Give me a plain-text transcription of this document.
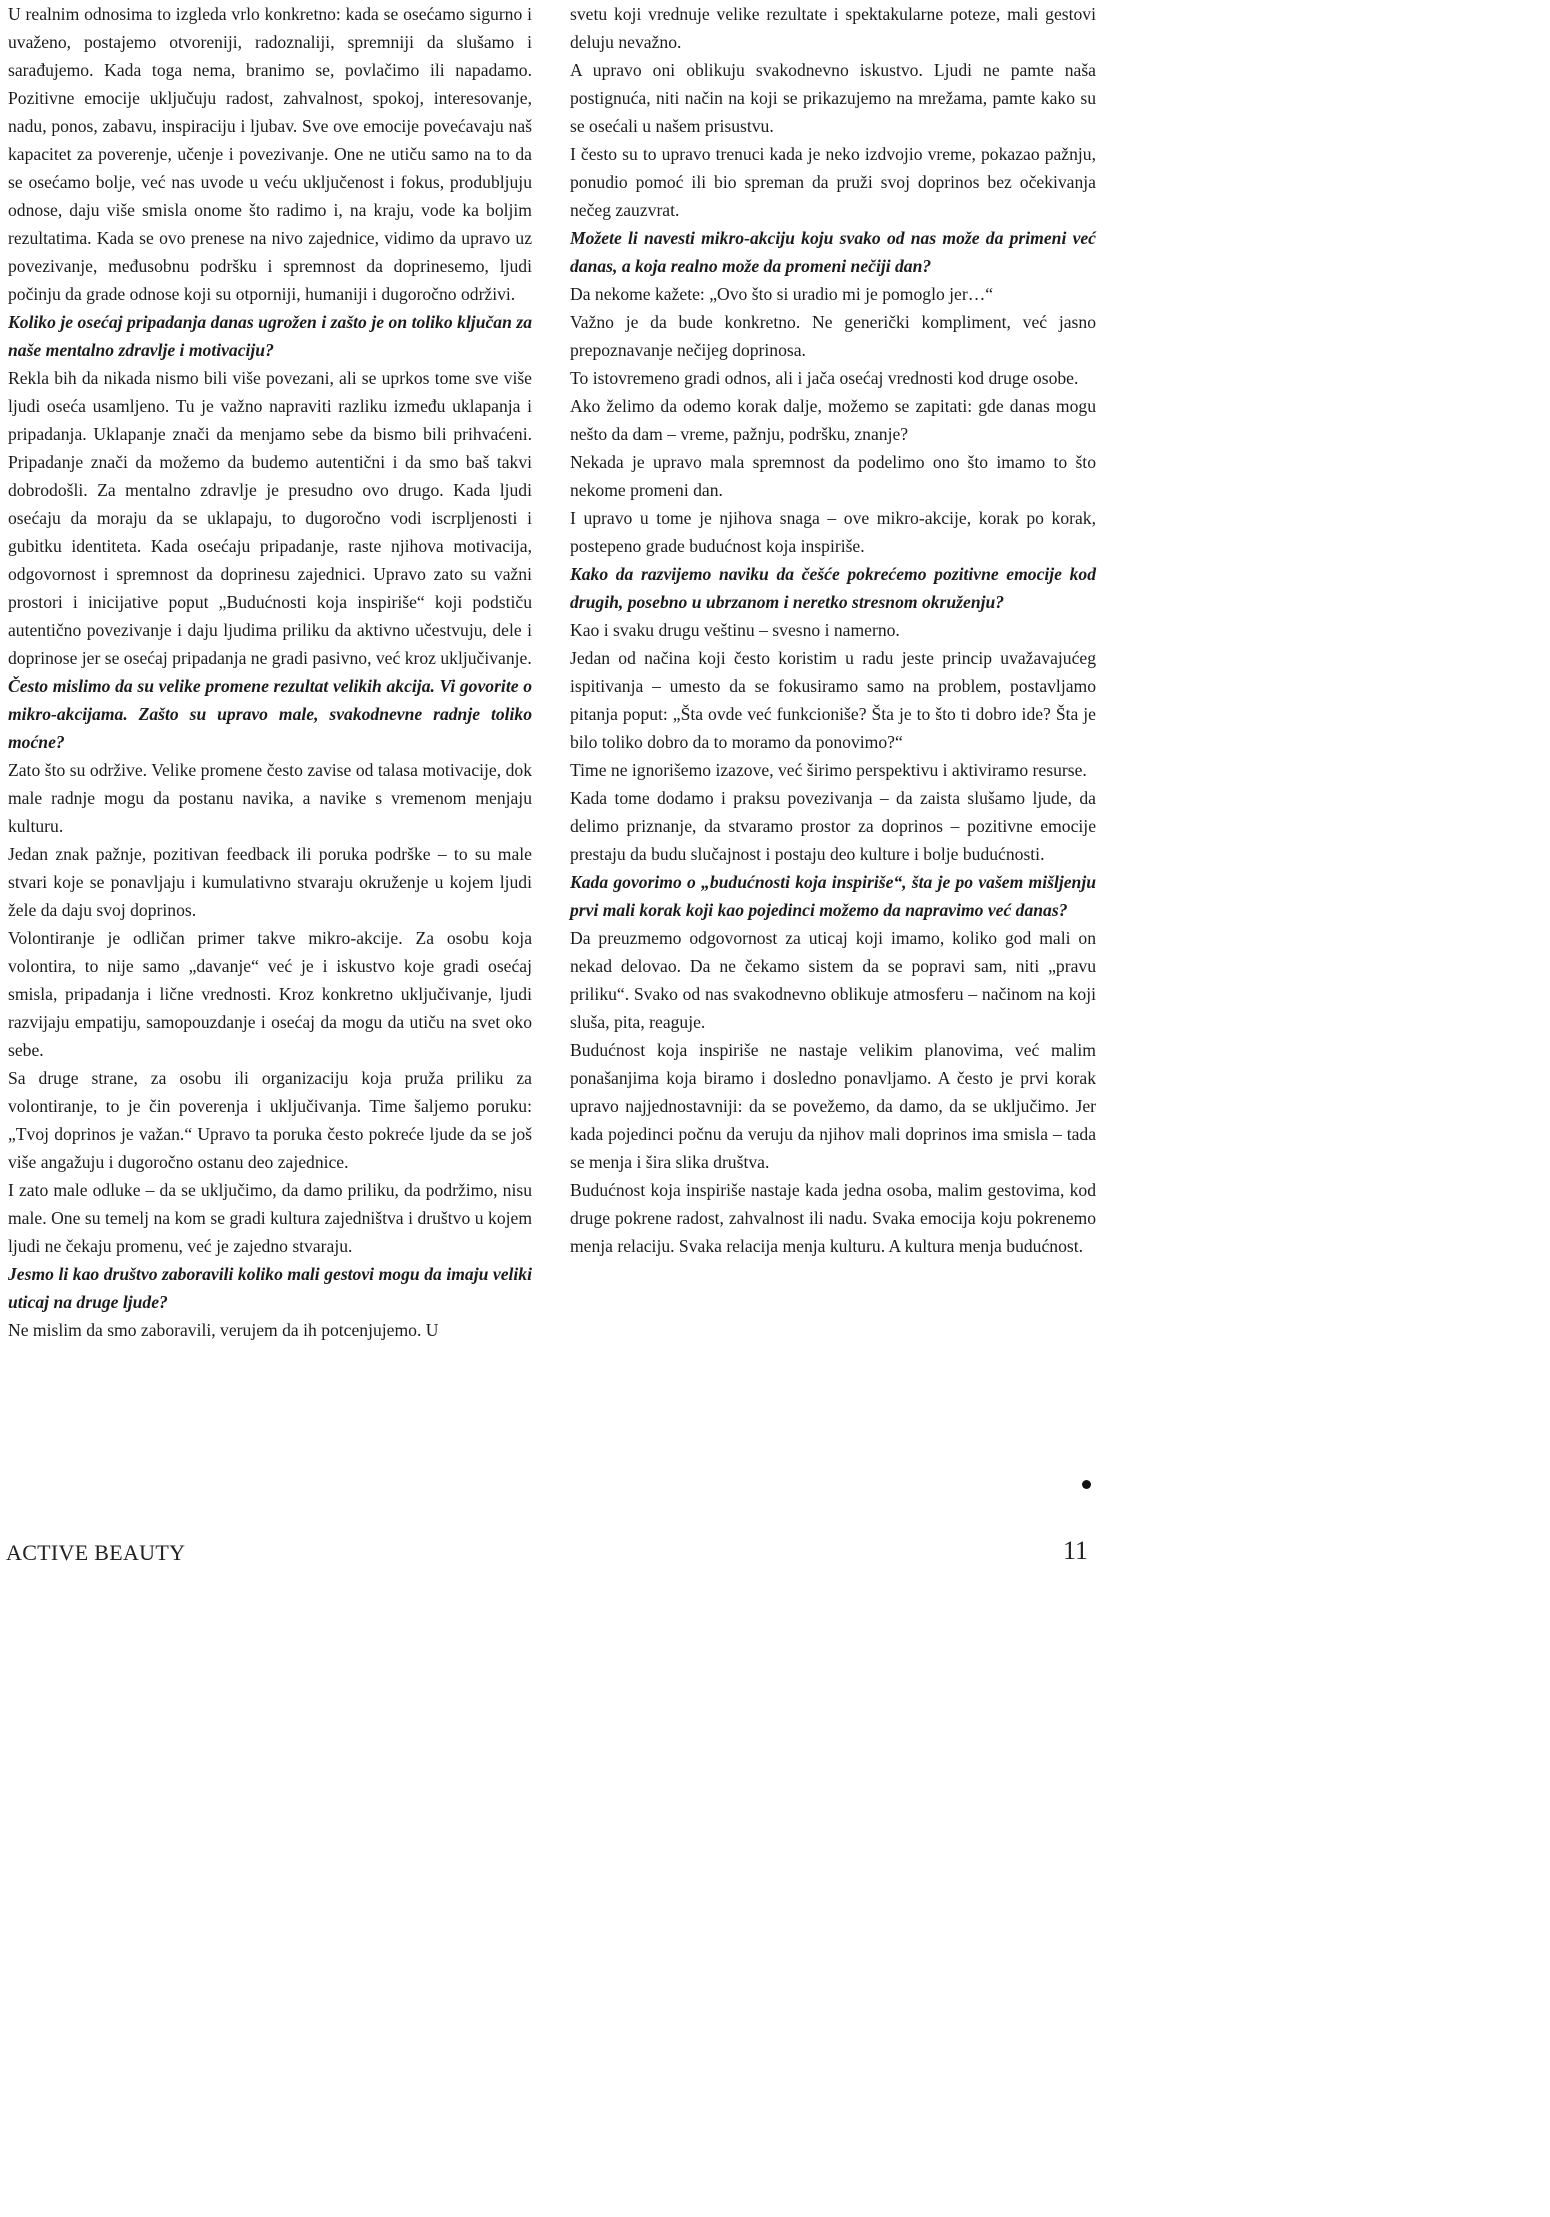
U realnim odnosima to izgleda vrlo konkretno: kada se osećamo sigurno i uvaženo, postajemo otvoreniji, radoznaliji, spremniji da slušamo i sarađujemo. Kada toga nema, branimo se, povlačimo ili napadamo. Pozitivne emocije uključuju radost, zahvalnost, spokoj, interesovanje, nadu, ponos, zabavu, inspiraciju i ljubav. Sve ove emocije povećavaju naš kapacitet za poverenje, učenje i povezivanje. One ne utiču samo na to da se osećamo bolje, već nas uvode u veću uključenost i fokus, produbljuju odnose, daju više smisla onome što radimo i, na kraju, vode ka boljim rezultatima. Kada se ovo prenese na nivo zajednice, vidimo da upravo uz povezivanje, međusobnu podršku i spremnost da doprinesemo, ljudi počinju da grade odnose koji su otporniji, humaniji i dugoročno održivi.

Koliko je osećaj pripadanja danas ugrožen i zašto je on toliko ključan za naše mentalno zdravlje i motivaciju?

Rekla bih da nikada nismo bili više povezani, ali se uprkos tome sve više ljudi oseća usamljeno. Tu je važno napraviti razliku između uklapanja i pripadanja. Uklapanje znači da menjamo sebe da bismo bili prihvaćeni. Pripadanje znači da možemo da budemo autentični i da smo baš takvi dobrodošli. Za mentalno zdravlje je presudno ovo drugo. Kada ljudi osećaju da moraju da se uklapaju, to dugoročno vodi iscrpljenosti i gubitku identiteta. Kada osećaju pripadanje, raste njihova motivacija, odgovornost i spremnost da doprinesu zajednici. Upravo zato su važni prostori i inicijative poput „Budućnosti koja inspiriše“ koji podstiču autentično povezivanje i daju ljudima priliku da aktivno učestvuju, dele i doprinose jer se osećaj pripadanja ne gradi pasivno, već kroz uključivanje.

Često mislimo da su velike promene rezultat velikih akcija. Vi govorite o mikro-akcijama. Zašto su upravo male, svakodnevne radnje toliko moćne?

Zato što su održive. Velike promene često zavise od talasa motivacije, dok male radnje mogu da postanu navika, a navike s vremenom menjaju kulturu.

Jedan znak pažnje, pozitivan feedback ili poruka podrške – to su male stvari koje se ponavljaju i kumulativno stvaraju okruženje u kojem ljudi žele da daju svoj doprinos.

Volontiranje je odličan primer takve mikro-akcije. Za osobu koja volontira, to nije samo „davanje“ već je i iskustvo koje gradi osećaj smisla, pripadanja i lične vrednosti. Kroz konkretno uključivanje, ljudi razvijaju empatiju, samopouzdanje i osećaj da mogu da utiču na svet oko sebe.

Sa druge strane, za osobu ili organizaciju koja pruža priliku za volontiranje, to je čin poverenja i uključivanja. Time šaljemo poruku: „Tvoj doprinos je važan.“ Upravo ta poruka često pokreće ljude da se još više angažuju i dugoročno ostanu deo zajednice.

I zato male odluke – da se uključimo, da damo priliku, da podržimo, nisu male. One su temelj na kom se gradi kultura zajedništva i društvo u kojem ljudi ne čekaju promenu, već je zajedno stvaraju.

Jesmo li kao društvo zaboravili koliko mali gestovi mogu da imaju veliki uticaj na druge ljude?

Ne mislim da smo zaboravili, verujem da ih potcenjujemo. U

svetu koji vrednuje velike rezultate i spektakularne poteze, mali gestovi deluju nevažno.

A upravo oni oblikuju svakodnevno iskustvo. Ljudi ne pamte naša postignuća, niti način na koji se prikazujemo na mrežama, pamte kako su se osećali u našem prisustvu.

I često su to upravo trenuci kada je neko izdvojio vreme, pokazao pažnju, ponudio pomoć ili bio spreman da pruži svoj doprinos bez očekivanja nečeg zauzvrat.

Možete li navesti mikro-akciju koju svako od nas može da primeni već danas, a koja realno može da promeni nečiji dan?

Da nekome kažete: „Ovo što si uradio mi je pomoglo jer…“

Važno je da bude konkretno. Ne generički kompliment, već jasno prepoznavanje nečijeg doprinosa.

To istovremeno gradi odnos, ali i jača osećaj vrednosti kod druge osobe.

Ako želimo da odemo korak dalje, možemo se zapitati: gde danas mogu nešto da dam – vreme, pažnju, podršku, znanje?

Nekada je upravo mala spremnost da podelimo ono što imamo to što nekome promeni dan.

I upravo u tome je njihova snaga – ove mikro-akcije, korak po korak, postepeno grade budućnost koja inspiriše.

Kako da razvijemo naviku da češće pokrećemo pozitivne emocije kod drugih, posebno u ubrzanom i neretko stresnom okruženju?

Kao i svaku drugu veštinu – svesno i namerno.

Jedan od načina koji često koristim u radu jeste princip uvažavajućeg ispitivanja – umesto da se fokusiramo samo na problem, postavljamo pitanja poput: „Šta ovde već funkcioniše? Šta je to što ti dobro ide? Šta je bilo toliko dobro da to moramo da ponovimo?“

Time ne ignorišemo izazove, već širimo perspektivu i aktiviramo resurse.

Kada tome dodamo i praksu povezivanja – da zaista slušamo ljude, da delimo priznanje, da stvaramo prostor za doprinos – pozitivne emocije prestaju da budu slučajnost i postaju deo kulture i bolje budućnosti.

Kada govorimo o „budućnosti koja inspiriše“, šta je po vašem mišljenju prvi mali korak koji kao pojedinci možemo da napravimo već danas?

Da preuzmemo odgovornost za uticaj koji imamo, koliko god mali on nekad delovao. Da ne čekamo sistem da se popravi sam, niti „pravu priliku“. Svako od nas svakodnevno oblikuje atmosferu – načinom na koji sluša, pita, reaguje.

Budućnost koja inspiriše ne nastaje velikim planovima, već malim ponašanjima koja biramo i dosledno ponavljamo. A često je prvi korak upravo najjednostavniji: da se povežemo, da damo, da se uključimo. Jer kada pojedinci počnu da veruju da njihov mali doprinos ima smisla – tada se menja i šira slika društva.

Budućnost koja inspiriše nastaje kada jedna osoba, malim gestovima, kod druge pokrene radost, zahvalnost ili nadu. Svaka emocija koju pokrenemo menja relaciju. Svaka relacija menja kulturu. A kultura menja budućnost.

ACTIVE BEAUTY	11
